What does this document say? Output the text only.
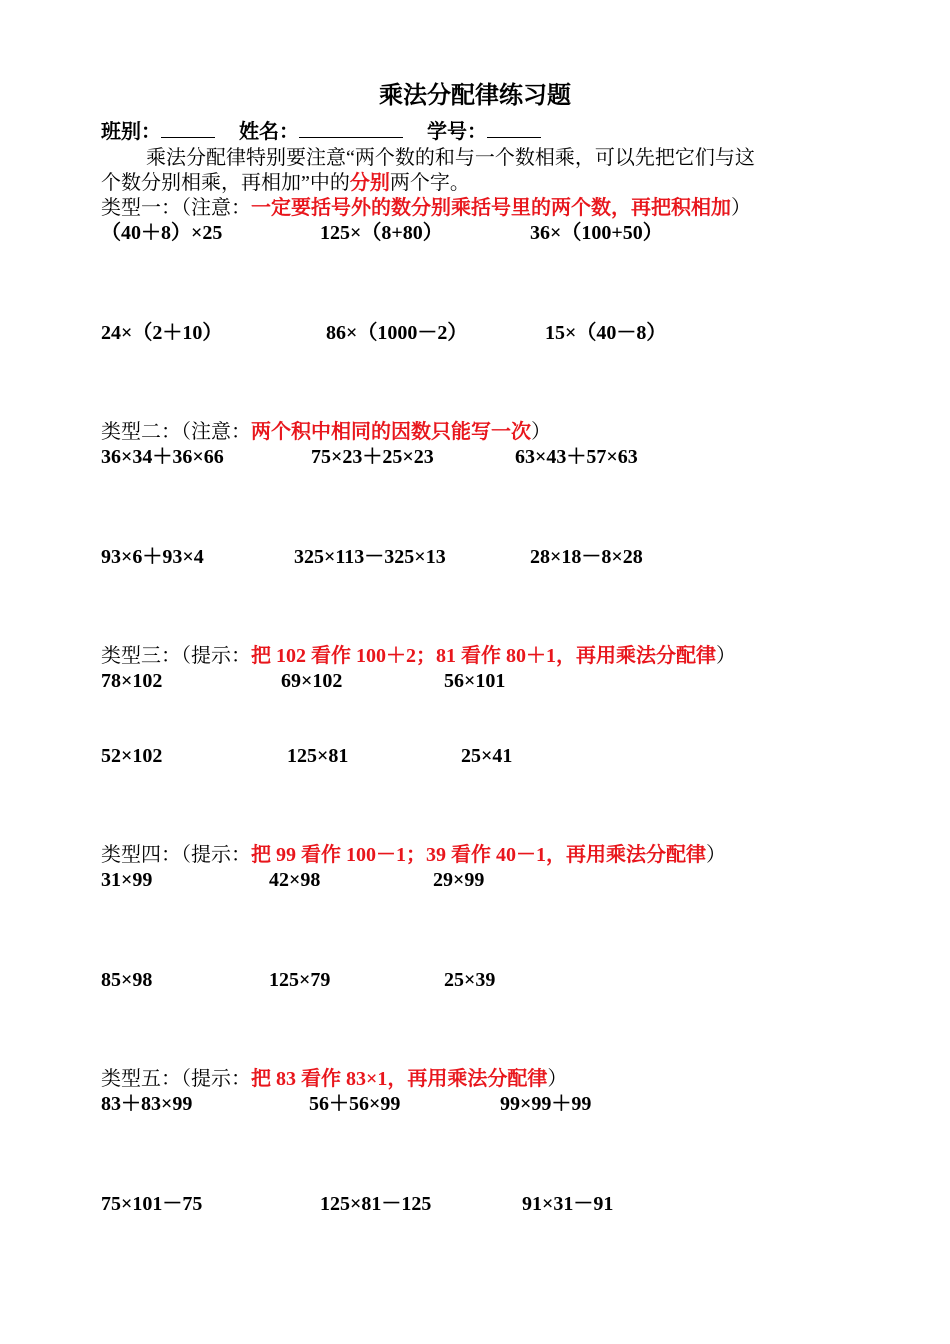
乘法分配律练习题
班别：	姓名：	学号：
乘法分配律特别要注意“两个数的和与一个数相乘，可以先把它们与这
个数分别相乘，再相加”中的分别两个字。
类型一：（注意：一定要括号外的数分别乘括号里的两个数，再把积相加）
（40＋8）×25	125×（8+80）	36×（100+50）
24×（2＋10）	86×（1000－2）	15×（40－8）
类型二：（注意：两个积中相同的因数只能写一次）
36×34＋36×66	75×23＋25×23	63×43＋57×63
93×6＋93×4	325×113－325×13	28×18－8×28
类型三：（提示：把 102 看作 100＋2；81 看作 80＋1，再用乘法分配律）
78×102	69×102	56×101
52×102	125×81	25×41
类型四：（提示：把 99 看作 100－1；39 看作 40－1，再用乘法分配律）
31×99	42×98	29×99
85×98	125×79	25×39
类型五：（提示：把 83 看作 83×1，再用乘法分配律）
83＋83×99	56＋56×99	99×99＋99
75×101－75	125×81－125	91×31－91
